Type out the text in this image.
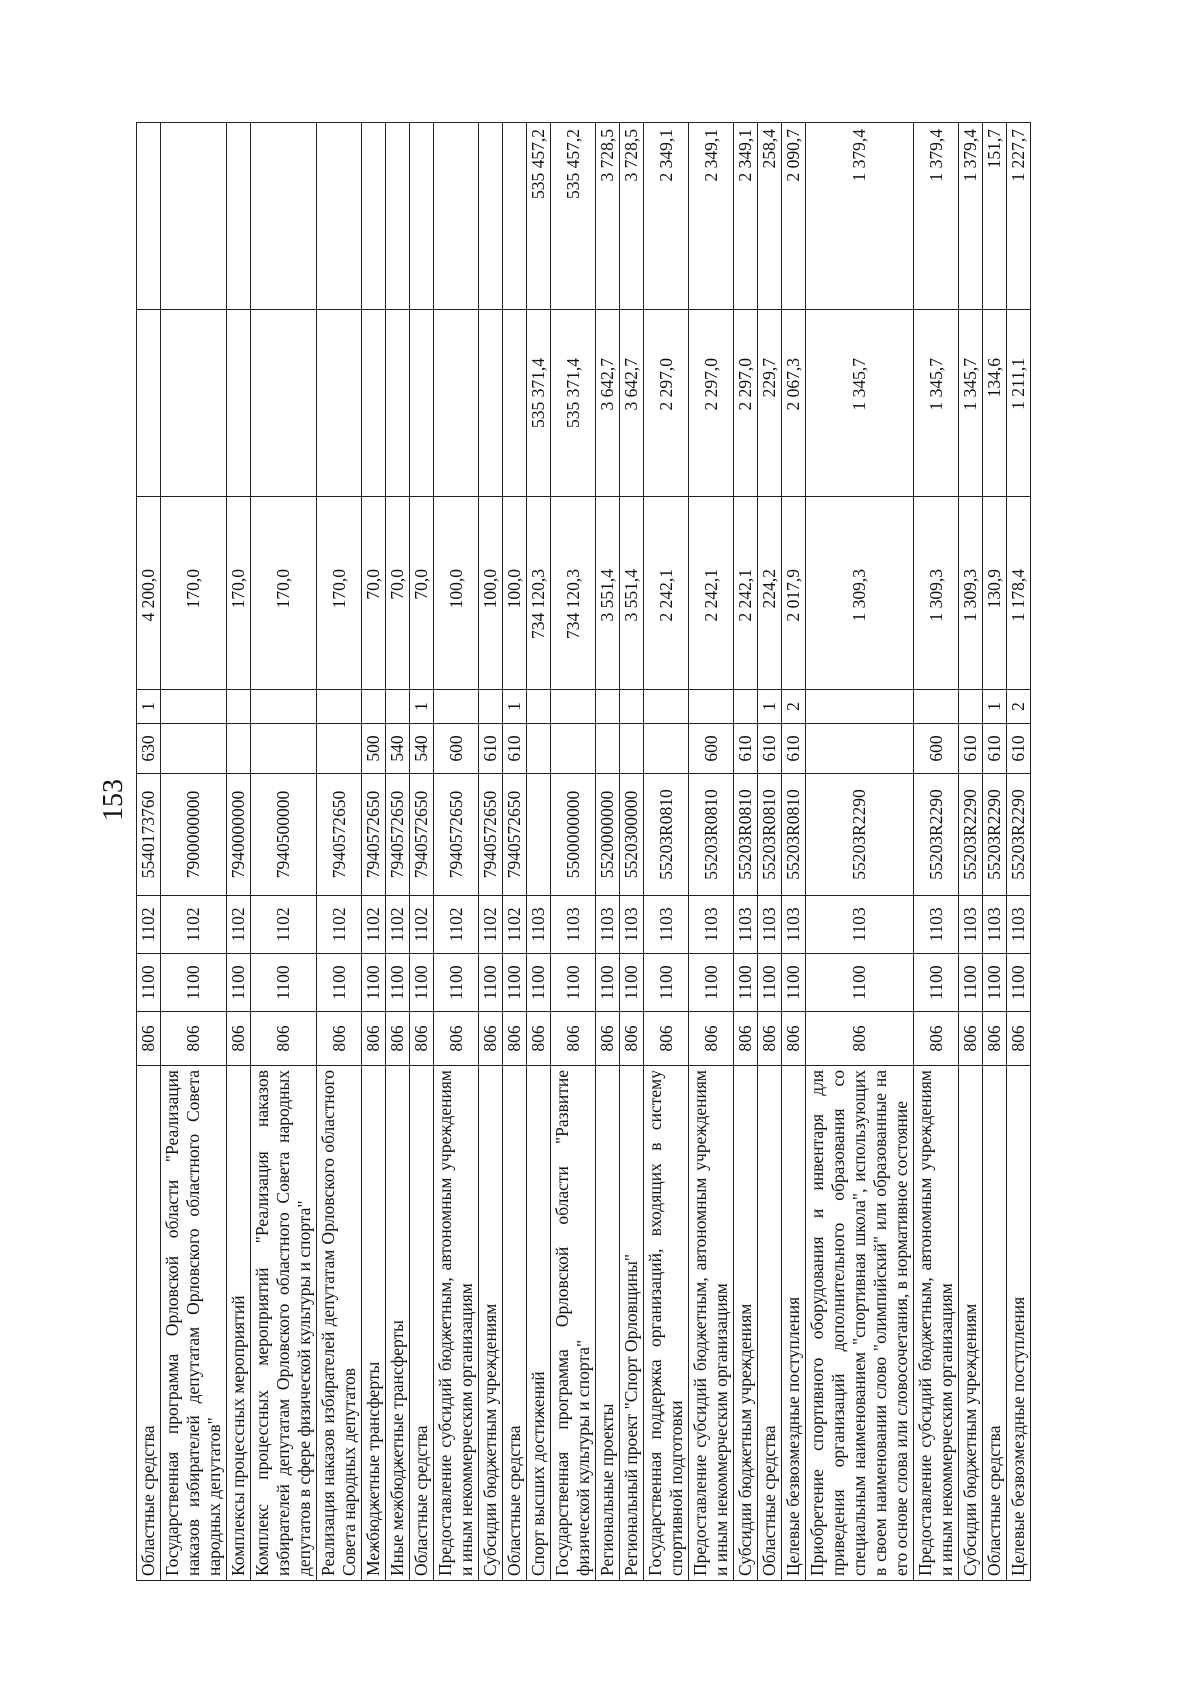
153
Областные средства	806	1100	1102	5540173760	630	1	4 200,0		
Государственная программа Орловской области "Реализация наказов избирателей депутатам Орловского областного Совета народных депутатов"	806	1100	1102	7900000000			170,0		
Комплексы процессных мероприятий	806	1100	1102	7940000000			170,0		
Комплекс процессных мероприятий "Реализация наказов избирателей депутатам Орловского областного Совета народных депутатов в сфере физической культуры и спорта"	806	1100	1102	7940500000			170,0		
Реализация наказов избирателей депутатам Орловского областного Совета народных депутатов	806	1100	1102	7940572650			170,0		
Межбюджетные трансферты	806	1100	1102	7940572650	500		70,0		
Иные межбюджетные трансферты	806	1100	1102	7940572650	540		70,0		
Областные средства	806	1100	1102	7940572650	540	1	70,0		
Предоставление субсидий бюджетным, автономным учреждениям и иным некоммерческим организациям	806	1100	1102	7940572650	600		100,0		
Субсидии бюджетным учреждениям	806	1100	1102	7940572650	610		100,0		
Областные средства	806	1100	1102	7940572650	610	1	100,0		
Спорт высших достижений	806	1100	1103				734 120,3	535 371,4	535 457,2
Государственная программа Орловской области "Развитие физической культуры и спорта"	806	1100	1103	5500000000			734 120,3	535 371,4	535 457,2
Региональные проекты	806	1100	1103	5520000000			3 551,4	3 642,7	3 728,5
Региональный проект "Спорт Орловщины"	806	1100	1103	5520300000			3 551,4	3 642,7	3 728,5
Государственная поддержка организаций, входящих в систему спортивной подготовки	806	1100	1103	55203R0810			2 242,1	2 297,0	2 349,1
Предоставление субсидий бюджетным, автономным учреждениям и иным некоммерческим организациям	806	1100	1103	55203R0810	600		2 242,1	2 297,0	2 349,1
Субсидии бюджетным учреждениям	806	1100	1103	55203R0810	610		2 242,1	2 297,0	2 349,1
Областные средства	806	1100	1103	55203R0810	610	1	224,2	229,7	258,4
Целевые безвозмездные поступления	806	1100	1103	55203R0810	610	2	2 017,9	2 067,3	2 090,7
Приобретение спортивного оборудования и инвентаря для приведения организаций дополнительного образования со специальным наименованием "спортивная школа", использующих в своем наименовании слово "олимпийский" или образованные на его основе слова или словосочетания, в нормативное состояние	806	1100	1103	55203R2290			1 309,3	1 345,7	1 379,4
Предоставление субсидий бюджетным, автономным учреждениям и иным некоммерческим организациям	806	1100	1103	55203R2290	600		1 309,3	1 345,7	1 379,4
Субсидии бюджетным учреждениям	806	1100	1103	55203R2290	610		1 309,3	1 345,7	1 379,4
Областные средства	806	1100	1103	55203R2290	610	1	130,9	134,6	151,7
Целевые безвозмездные поступления	806	1100	1103	55203R2290	610	2	1 178,4	1 211,1	1 227,7
